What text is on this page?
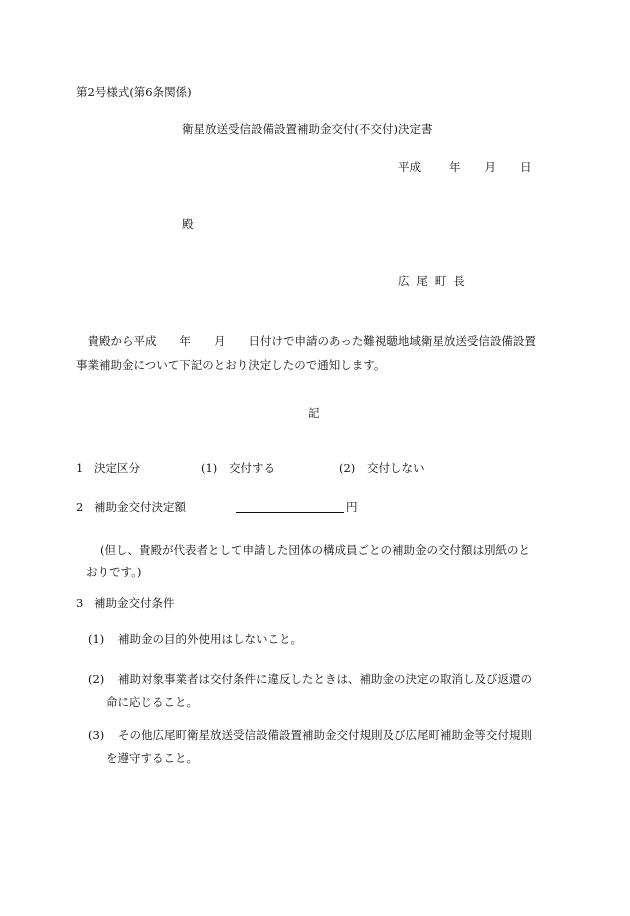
第2号様式(第6条関係)
衛星放送受信設備設置補助金交付(不交付)決定書
平成 年 月 日
殿
広尾町長

貴殿から平成　　年　　月　　日付けで申請のあった難視聴地域衛星放送受信設備設置

事業補助金について下記のとおり決定したので通知します。
記
1 決定区分	(1) 交付する	(2) 交付しない
2 補助金交付決定額	円

(但し、貴殿が代表者として申請した団体の構成員ごとの補助金の交付額は別紙のと

おりです。)

3 補助金交付条件
(1) 補助金の目的外使用はしないこと。
(2) 補助対象事業者は交付条件に違反したときは、補助金の決定の取消し及び返還の
命に応じること。
(3) その他広尾町衛星放送受信設備設置補助金交付規則及び広尾町補助金等交付規則
を遵守すること。
